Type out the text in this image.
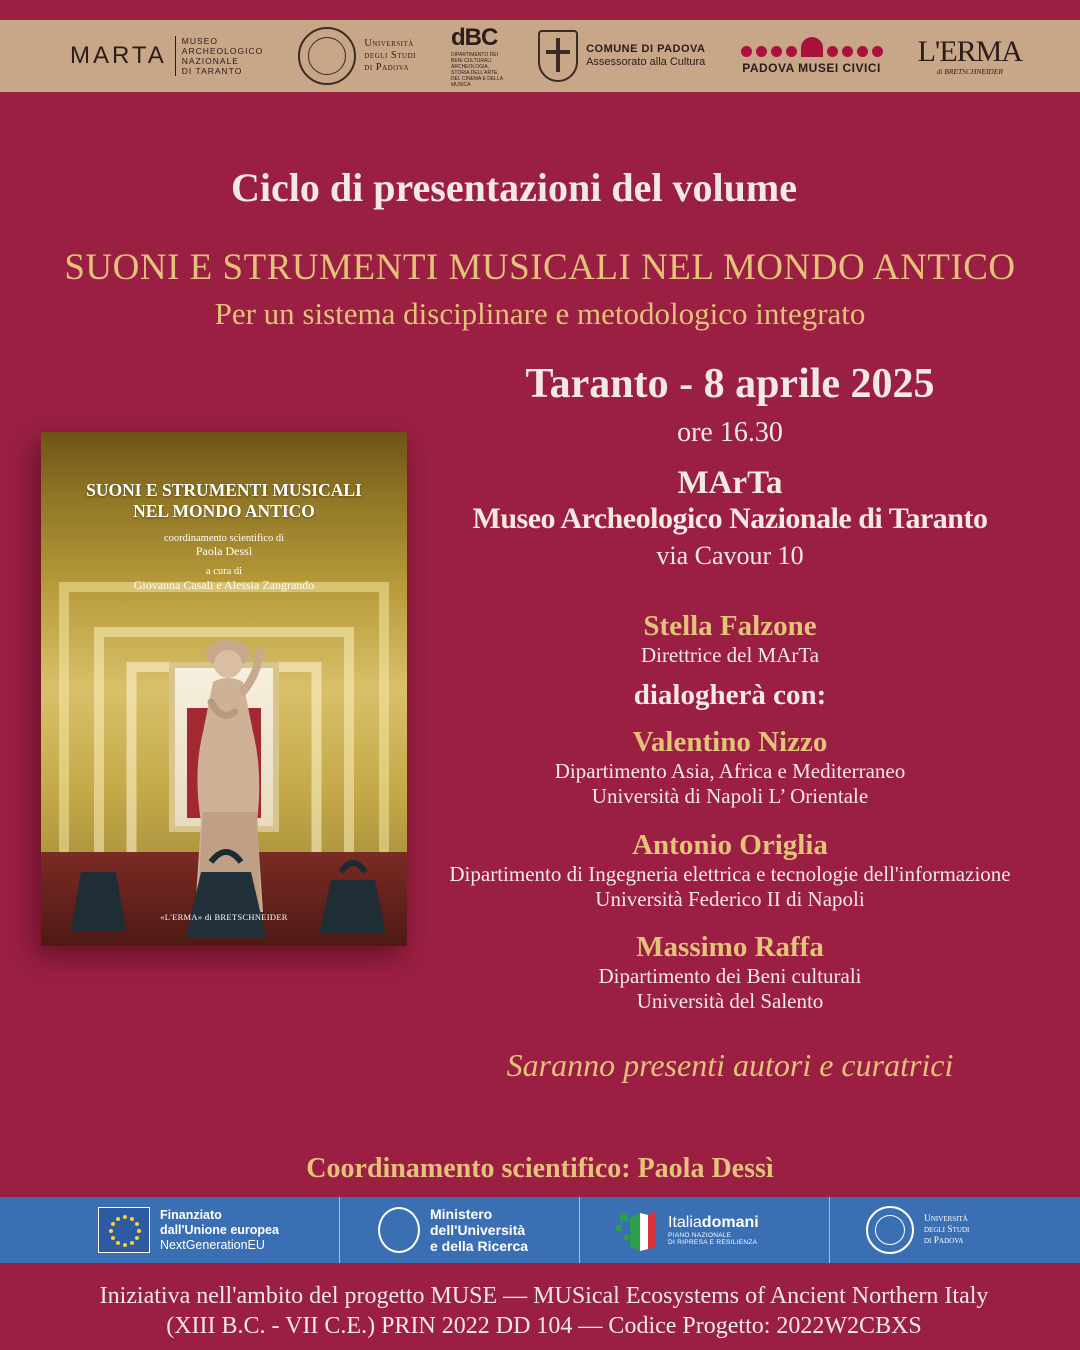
MARTA
MUSEO
ARCHEOLOGICO
NAZIONALE
DI TARANTO
Università
degli Studi
di Padova
dBC
DIPARTIMENTO DEI BENI CULTURALI ARCHEOLOGIA, STORIA DELL'ARTE, DEL CINEMA E DELLA MUSICA
COMUNE DI PADOVA
Assessorato alla Cultura	PADOVA MUSEI CIVICI
L'ERMA
di BRETSCHNEIDER
Ciclo di presentazioni del volume
SUONI E STRUMENTI MUSICALI NEL MONDO ANTICO
Per un sistema disciplinare e metodologico integrato
Taranto - 8 aprile 2025
ore 16.30
MArTa
Museo Archeologico Nazionale di Taranto
via Cavour 10
Stella Falzone
Direttrice del MArTa
dialogherà con:
Valentino Nizzo
Dipartimento Asia, Africa e Mediterraneo
Università di Napoli L’ Orientale
Antonio Origlia
Dipartimento di Ingegneria elettrica e tecnologie dell'informazione
Università Federico II di Napoli
Massimo Raffa
Dipartimento dei Beni culturali
Università del Salento
Saranno presenti autori e curatrici
SUONI E STRUMENTI MUSICALI
NEL MONDO ANTICO
coordinamento scientifico di
Paola Dessì
a cura di
Giovanna Casali e Alessia Zangrando
«L'ERMA» di BRETSCHNEIDER
Coordinamento scientifico: Paola Dessì
Finanziato
dall'Unione europea
NextGenerationEU
Ministero
dell'Università
e della Ricerca
Italiadomani
PIANO NAZIONALE
DI RIPRESA E RESILIENZA
Università
degli Studi
di Padova
Iniziativa nell'ambito del progetto MUSE — MUSical Ecosystems of Ancient Northern Italy
(XIII B.C. - VII C.E.) PRIN 2022 DD 104 — Codice Progetto: 2022W2CBXS
